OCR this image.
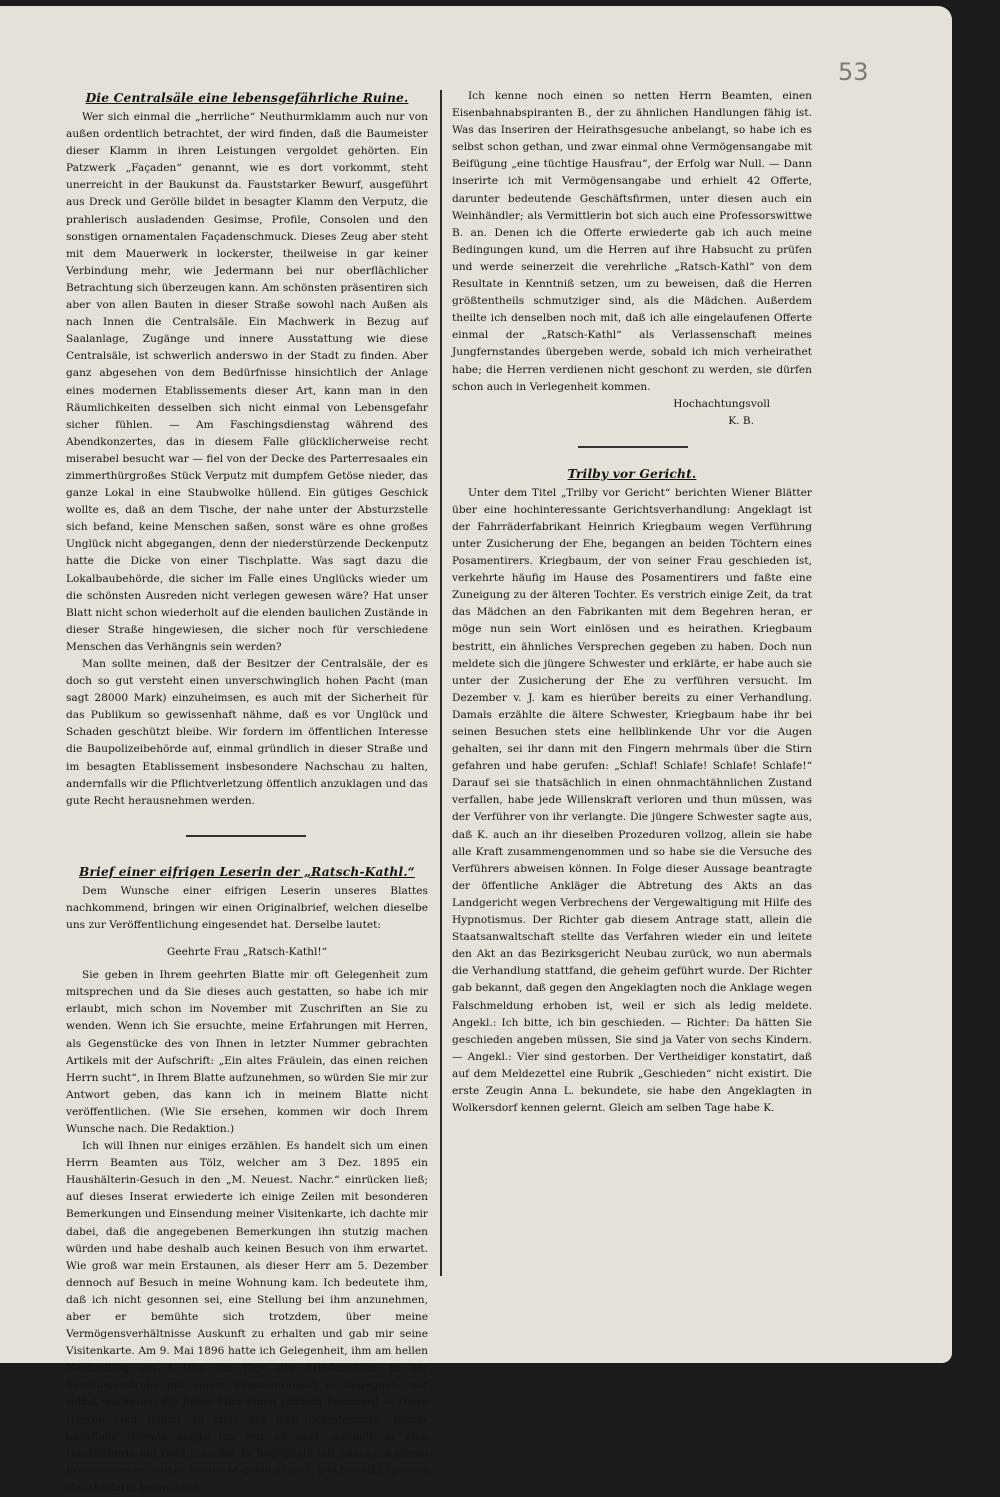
53
Die Centralsäle eine lebensgefährliche Ruine.

Wer sich einmal die „herrliche“ Neuthurmklamm auch nur von außen ordentlich betrachtet, der wird finden, daß die Baumeister dieser Klamm in ihren Leistungen vergoldet gehörten. Ein Patzwerk „Façaden“ genannt, wie es dort vorkommt, steht unerreicht in der Baukunst da. Fauststarker Bewurf, ausgeführt aus Dreck und Gerölle bildet in besagter Klamm den Verputz, die prahlerisch ausladenden Gesimse, Profile, Consolen und den sonstigen ornamentalen Façadenschmuck. Dieses Zeug aber steht mit dem Mauerwerk in lockerster, theilweise in gar keiner Verbindung mehr, wie Jedermann bei nur oberflächlicher Betrachtung sich überzeugen kann. Am schönsten präsentiren sich aber von allen Bauten in dieser Straße sowohl nach Außen als nach Innen die Centralsäle. Ein Machwerk in Bezug auf Saalanlage, Zugänge und innere Ausstattung wie diese Centralsäle, ist schwerlich anderswo in der Stadt zu finden. Aber ganz abgesehen von dem Bedürfnisse hinsichtlich der Anlage eines modernen Etablissements dieser Art, kann man in den Räumlichkeiten desselben sich nicht einmal von Lebensgefahr sicher fühlen. — Am Faschingsdienstag während des Abendkonzertes, das in diesem Falle glücklicherweise recht miserabel besucht war — fiel von der Decke des Parterresaales ein zimmerthürgroßes Stück Verputz mit dumpfem Getöse nieder, das ganze Lokal in eine Staubwolke hüllend. Ein gütiges Geschick wollte es, daß an dem Tische, der nahe unter der Absturzstelle sich befand, keine Menschen saßen, sonst wäre es ohne großes Unglück nicht abgegangen, denn der niederstürzende Deckenputz hatte die Dicke von einer Tischplatte. Was sagt dazu die Lokalbaubehörde, die sicher im Falle eines Unglücks wieder um die schönsten Ausreden nicht verlegen gewesen wäre? Hat unser Blatt nicht schon wiederholt auf die elenden baulichen Zustände in dieser Straße hingewiesen, die sicher noch für verschiedene Menschen das Verhängnis sein werden?

Man sollte meinen, daß der Besitzer der Centralsäle, der es doch so gut versteht einen unverschwinglich hohen Pacht (man sagt 28000 Mark) einzuheimsen, es auch mit der Sicherheit für das Publikum so gewissenhaft nähme, daß es vor Unglück und Schaden geschützt bleibe. Wir fordern im öffentlichen Interesse die Baupolizeibehörde auf, einmal gründlich in dieser Straße und im besagten Etablissement insbesondere Nachschau zu halten, andernfalls wir die Pflichtverletzung öffentlich anzuklagen und das gute Recht herausnehmen werden.

Brief einer eifrigen Leserin der „Ratsch-Kathl.“

Dem Wunsche einer eifrigen Leserin unseres Blattes nachkommend, bringen wir einen Originalbrief, welchen dieselbe uns zur Veröffentlichung eingesendet hat. Derselbe lautet:

Geehrte Frau „Ratsch-Kathl!“

Sie geben in Ihrem geehrten Blatte mir oft Gelegenheit zum mitsprechen und da Sie dieses auch gestatten, so habe ich mir erlaubt, mich schon im November mit Zuschriften an Sie zu wenden. Wenn ich Sie ersuchte, meine Erfahrungen mit Herren, als Gegenstücke des von Ihnen in letzter Nummer gebrachten Artikels mit der Aufschrift: „Ein altes Fräulein, das einen reichen Herrn sucht“, in Ihrem Blatte aufzunehmen, so würden Sie mir zur Antwort geben, das kann ich in meinem Blatte nicht veröffentlichen. (Wie Sie ersehen, kommen wir doch Ihrem Wunsche nach. Die Redaktion.)

Ich will Ihnen nur einiges erzählen. Es handelt sich um einen Herrn Beamten aus Tölz, welcher am 3 Dez. 1895 ein Haushälterin-Gesuch in den „M. Neuest. Nachr.“ einrücken ließ; auf dieses Inserat erwiederte ich einige Zeilen mit besonderen Bemerkungen und Einsendung meiner Visitenkarte, ich dachte mir dabei, daß die angegebenen Bemerkungen ihn stutzig machen würden und habe deshalb auch keinen Besuch von ihm erwartet. Wie groß war mein Erstaunen, als dieser Herr am 5. Dezember dennoch auf Besuch in meine Wohnung kam. Ich bedeutete ihm, daß ich nicht gesonnen sei, eine Stellung bei ihm anzunehmen, aber er bemühte sich trotzdem, über meine Vermögensverhältnisse Auskunft zu erhalten und gab mir seine Visitenkarte. Am 9. Mai 1896 hatte ich Gelegenheit, ihm am hellen Nachmittag um 3 Uhr, am Tage der Friedensfeier, in der Sendlingerstraße mit einem Kanonenrausch zu begegnen; mir selbst wackelten die Beine über einen solchen Beamten! — Diese Herren sind immer so stolz auf ihre Beamtenehre. Dieser besoffene Beamte zeigte mir nur zu bald, weshalb er eine Haushälterin mit Geld brauche. Er begegnete mir öfters mit einem Frauenzimmer; will er vielleicht damit zeigen, wie familiär er seine Haushälterin behandelt?

Ich kenne noch einen so netten Herrn Beamten, einen Eisenbahnabspiranten B., der zu ähnlichen Handlungen fähig ist. Was das Inseriren der Heirathsgesuche anbelangt, so habe ich es selbst schon gethan, und zwar einmal ohne Vermögensangabe mit Beifügung „eine tüchtige Hausfrau“, der Erfolg war Null. — Dann inserirte ich mit Vermögensangabe und erhielt 42 Offerte, darunter bedeutende Geschäftsfirmen, unter diesen auch ein Weinhändler; als Vermittlerin bot sich auch eine Professorswittwe B. an. Denen ich die Offerte erwiederte gab ich auch meine Bedingungen kund, um die Herren auf ihre Habsucht zu prüfen und werde seinerzeit die verehrliche „Ratsch-Kathl“ von dem Resultate in Kenntniß setzen, um zu beweisen, daß die Herren größtentheils schmutziger sind, als die Mädchen. Außerdem theilte ich denselben noch mit, daß ich alle eingelaufenen Offerte einmal der „Ratsch-Kathl“ als Verlassenschaft meines Jungfernstandes übergeben werde, sobald ich mich verheirathet habe; die Herren verdienen nicht geschont zu werden, sie dürfen schon auch in Verlegenheit kommen.

Hochachtungsvoll
K. B.
Trilby vor Gericht.

Unter dem Titel „Trilby vor Gericht“ berichten Wiener Blätter über eine hochinteressante Gerichtsverhandlung: Angeklagt ist der Fahrräderfabrikant Heinrich Kriegbaum wegen Verführung unter Zusicherung der Ehe, begangen an beiden Töchtern eines Posamentirers. Kriegbaum, der von seiner Frau geschieden ist, verkehrte häufig im Hause des Posamentirers und faßte eine Zuneigung zu der älteren Tochter. Es verstrich einige Zeit, da trat das Mädchen an den Fabrikanten mit dem Begehren heran, er möge nun sein Wort einlösen und es heirathen. Kriegbaum bestritt, ein ähnliches Versprechen gegeben zu haben. Doch nun meldete sich die jüngere Schwester und erklärte, er habe auch sie unter der Zusicherung der Ehe zu verführen versucht. Im Dezember v. J. kam es hierüber bereits zu einer Verhandlung. Damals erzählte die ältere Schwester, Kriegbaum habe ihr bei seinen Besuchen stets eine hellblinkende Uhr vor die Augen gehalten, sei ihr dann mit den Fingern mehrmals über die Stirn gefahren und habe gerufen: „Schlaf! Schlafe! Schlafe! Schlafe!“ Darauf sei sie thatsächlich in einen ohnmachtähnlichen Zustand verfallen, habe jede Willenskraft verloren und thun müssen, was der Verführer von ihr verlangte. Die jüngere Schwester sagte aus, daß K. auch an ihr dieselben Prozeduren vollzog, allein sie habe alle Kraft zusammengenommen und so habe sie die Versuche des Verführers abweisen können. In Folge dieser Aussage beantragte der öffentliche Ankläger die Abtretung des Akts an das Landgericht wegen Verbrechens der Vergewaltigung mit Hilfe des Hypnotismus. Der Richter gab diesem Antrage statt, allein die Staatsanwaltschaft stellte das Verfahren wieder ein und leitete den Akt an das Bezirksgericht Neubau zurück, wo nun abermals die Verhandlung stattfand, die geheim geführt wurde. Der Richter gab bekannt, daß gegen den Angeklagten noch die Anklage wegen Falschmeldung erhoben ist, weil er sich als ledig meldete. Angekl.: Ich bitte, ich bin geschieden. — Richter: Da hätten Sie geschieden angeben müssen, Sie sind ja Vater von sechs Kindern. — Angekl.: Vier sind gestorben. Der Vertheidiger konstatirt, daß auf dem Meldezettel eine Rubrik „Geschieden“ nicht existirt. Die erste Zeugin Anna L. bekundete, sie habe den Angeklagten in Wolkersdorf kennen gelernt. Gleich am selben Tage habe K.
